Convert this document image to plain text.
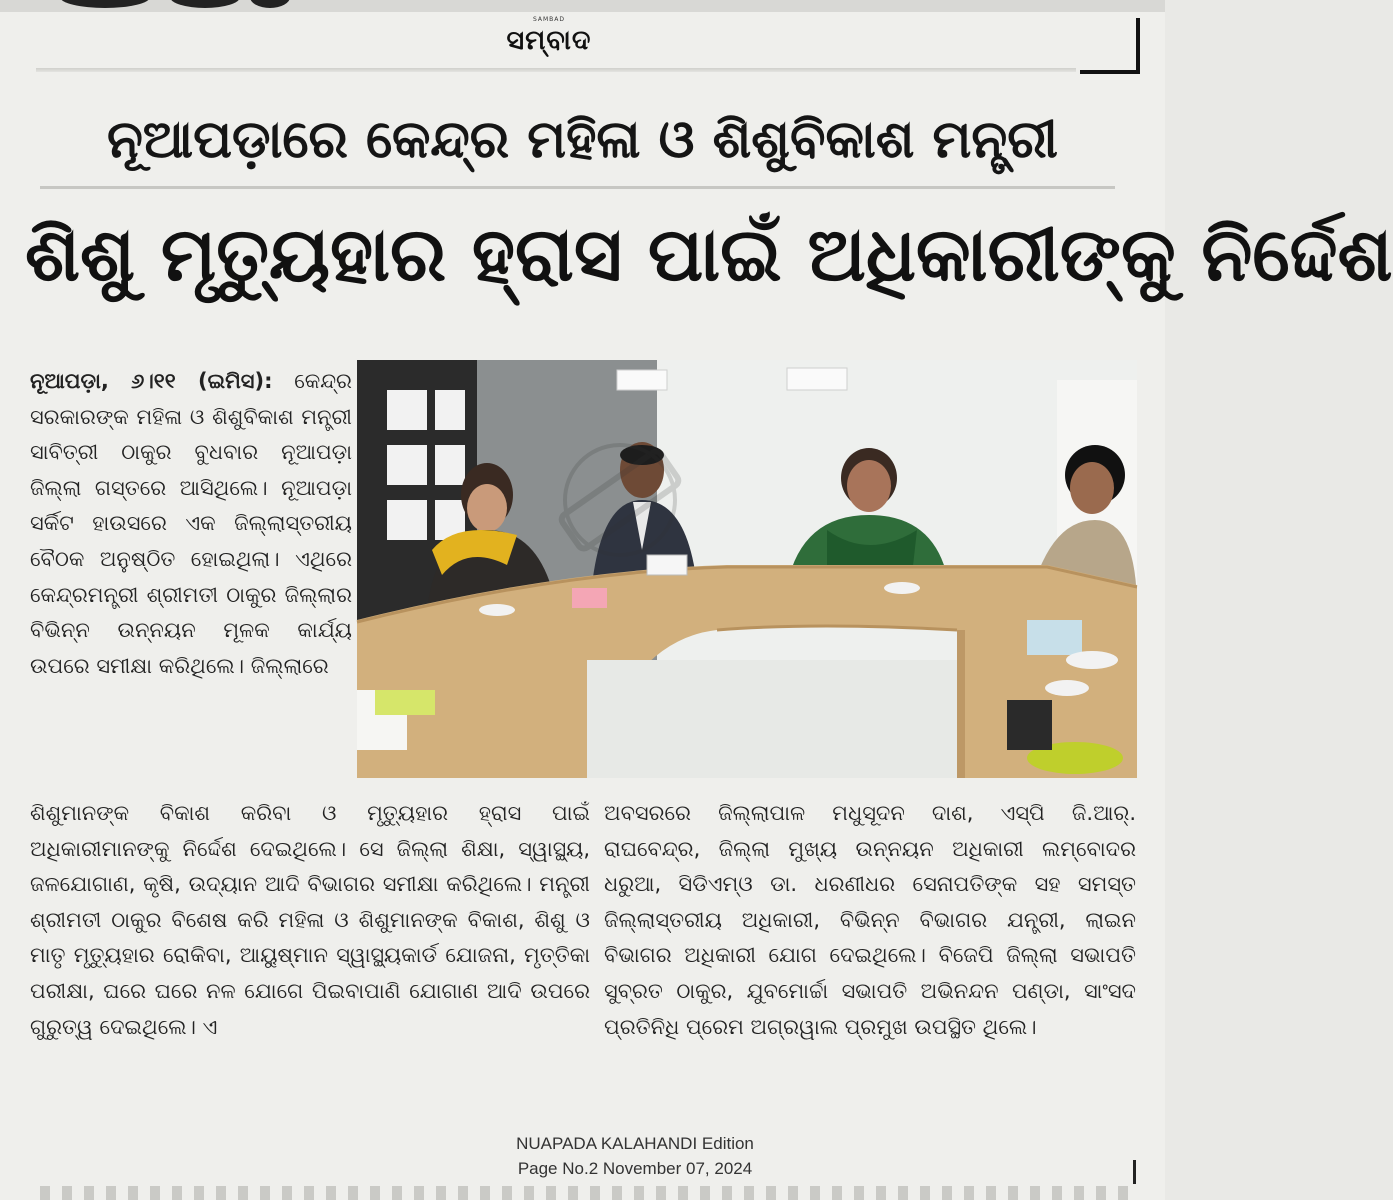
SAMBAD
ସମ୍ବାଦ
ନୂଆପଡ଼ାରେ କେନ୍ଦ୍ର ମହିଳା ଓ ଶିଶୁବିକାଶ ମନ୍ତ୍ରୀ
ଶିଶୁ ମୃତ୍ୟୁହାର ହ୍ରାସ ପାଇଁ ଅଧିକାରୀଙ୍କୁ ନିର୍ଦ୍ଦେଶ

ନୂଆପଡ଼ା, ୬।୧୧ (ଇମିସ): କେନ୍ଦ୍ର ସରକାରଙ୍କ ମହିଳା ଓ ଶିଶୁବିକାଶ ମନ୍ତ୍ରୀ ସାବିତ୍ରୀ ଠାକୁର ବୁଧବାର ନୂଆପଡ଼ା ଜିଲ୍ଲା ଗସ୍ତରେ ଆସିଥିଲେ। ନୂଆପଡ଼ା ସର୍କିଟ ହାଉସରେ ଏକ ଜିଲ୍ଲାସ୍ତରୀୟ ବୈଠକ ଅନୁଷ୍ଠିତ ହୋଇଥିଲା। ଏଥିରେ କେନ୍ଦ୍ରମନ୍ତ୍ରୀ ଶ୍ରୀମତୀ ଠାକୁର ଜିଲ୍ଲାର ବିଭିନ୍ନ ଉନ୍ନୟନ ମୂଳକ କାର୍ଯ୍ୟ ଉପରେ ସମୀକ୍ଷା କରିଥିଲେ। ଜିଲ୍ଲାରେ

ଶିଶୁମାନଙ୍କ ବିକାଶ କରିବା ଓ ମୃତ୍ୟୁହାର ହ୍ରାସ ପାଇଁ ଅଧିକାରୀମାନଙ୍କୁ ନିର୍ଦ୍ଦେଶ ଦେଇଥିଲେ। ସେ ଜିଲ୍ଲା ଶିକ୍ଷା, ସ୍ୱାସ୍ଥ୍ୟ, ଜଳଯୋଗାଣ, କୃଷି, ଉଦ୍ୟାନ ଆଦି ବିଭାଗର ସମୀକ୍ଷା କରିଥିଲେ। ମନ୍ତ୍ରୀ ଶ୍ରୀମତୀ ଠାକୁର ବିଶେଷ କରି ମହିଳା ଓ ଶିଶୁମାନଙ୍କ ବିକାଶ, ଶିଶୁ ଓ ମାତୃ ମୃତ୍ୟୁହାର ରୋକିବା, ଆୟୁଷ୍ମାନ ସ୍ୱାସ୍ଥ୍ୟକାର୍ଡ ଯୋଜନା, ମୃତ୍ତିକା ପରୀକ୍ଷା, ଘରେ ଘରେ ନଳ ଯୋଗେ ପିଇବାପାଣି ଯୋଗାଣ ଆଦି ଉପରେ ଗୁରୁତ୍ୱ ଦେଇଥିଲେ। ଏ

ଅବସରରେ ଜିଲ୍ଲାପାଳ ମଧୁସୂଦନ ଦାଶ, ଏସ୍‌ପି ଜି.ଆର୍. ରାଘବେନ୍ଦ୍ର, ଜିଲ୍ଲା ମୁଖ୍ୟ ଉନ୍ନୟନ ଅଧିକାରୀ ଲମ୍ବୋଦର ଧରୁଆ, ସିଡିଏମ୍‌ଓ ଡା. ଧରଣୀଧର ସେନାପତିଙ୍କ ସହ ସମସ୍ତ ଜିଲ୍ଲାସ୍ତରୀୟ ଅଧିକାରୀ, ବିଭିନ୍ନ ବିଭାଗର ଯନ୍ତ୍ରୀ, ଲାଇନ ବିଭାଗର ଅଧିକାରୀ ଯୋଗ ଦେଇଥିଲେ। ବିଜେପି ଜିଲ୍ଲା ସଭାପତି ସୁବ୍ରତ ଠାକୁର, ଯୁବମୋର୍ଚ୍ଚା ସଭାପତି ଅଭିନନ୍ଦନ ପଣ୍ଡା, ସାଂସଦ ପ୍ରତିନିଧି ପ୍ରେମ ଅଗ୍ରୱାଲ ପ୍ରମୁଖ ଉପସ୍ଥିତ ଥିଲେ।

NUAPADA KALAHANDI Edition
Page No.2 November 07, 2024
